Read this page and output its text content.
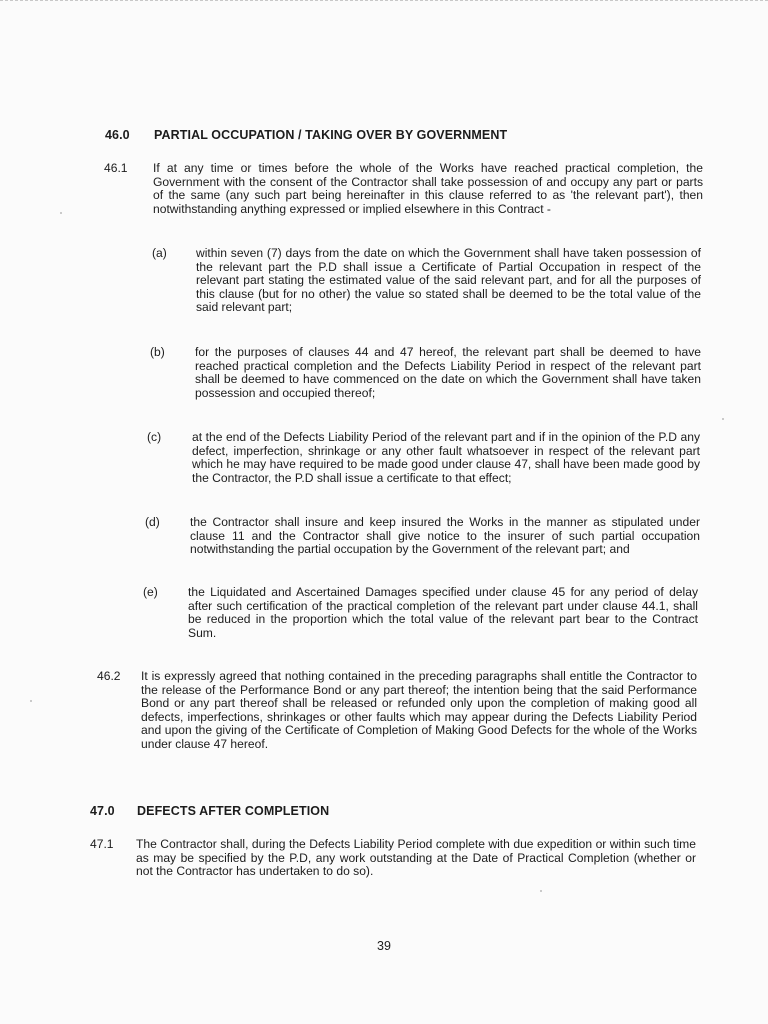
46.0 PARTIAL OCCUPATION / TAKING OVER BY GOVERNMENT
46.1 If at any time or times before the whole of the Works have reached practical completion, the Government with the consent of the Contractor shall take possession of and occupy any part or parts of the same (any such part being hereinafter in this clause referred to as 'the relevant part'), then notwithstanding anything expressed or implied elsewhere in this Contract -
(a) within seven (7) days from the date on which the Government shall have taken possession of the relevant part the P.D shall issue a Certificate of Partial Occupation in respect of the relevant part stating the estimated value of the said relevant part, and for all the purposes of this clause (but for no other) the value so stated shall be deemed to be the total value of the said relevant part;
(b) for the purposes of clauses 44 and 47 hereof, the relevant part shall be deemed to have reached practical completion and the Defects Liability Period in respect of the relevant part shall be deemed to have commenced on the date on which the Government shall have taken possession and occupied thereof;
(c)	at the end of the Defects Liability Period of the relevant part and if in the opinion of the P.D any defect, imperfection, shrinkage or any other fault whatsoever in respect of the relevant part which he may have required to be made good under clause 47, shall have been made good by the Contractor, the P.D shall issue a certificate to that effect;
(d) the Contractor shall insure and keep insured the Works in the manner as stipulated under clause 11 and the Contractor shall give notice to the insurer of such partial occupation notwithstanding the partial occupation by the Government of the relevant part; and
(e) the Liquidated and Ascertained Damages specified under clause 45 for any period of delay after such certification of the practical completion of the relevant part under clause 44.1, shall be reduced in the proportion which the total value of the relevant part bear to the Contract Sum.
46.2 It is expressly agreed that nothing contained in the preceding paragraphs shall entitle the Contractor to the release of the Performance Bond or any part thereof; the intention being that the said Performance Bond or any part thereof shall be released or refunded only upon the completion of making good all defects, imperfections, shrinkages or other faults which may appear during the Defects Liability Period and upon the giving of the Certificate of Completion of Making Good Defects for the whole of the Works under clause 47 hereof.
47.0 DEFECTS AFTER COMPLETION
47.1 The Contractor shall, during the Defects Liability Period complete with due expedition or within such time as may be specified by the P.D, any work outstanding at the Date of Practical Completion (whether or not the Contractor has undertaken to do so).
39
